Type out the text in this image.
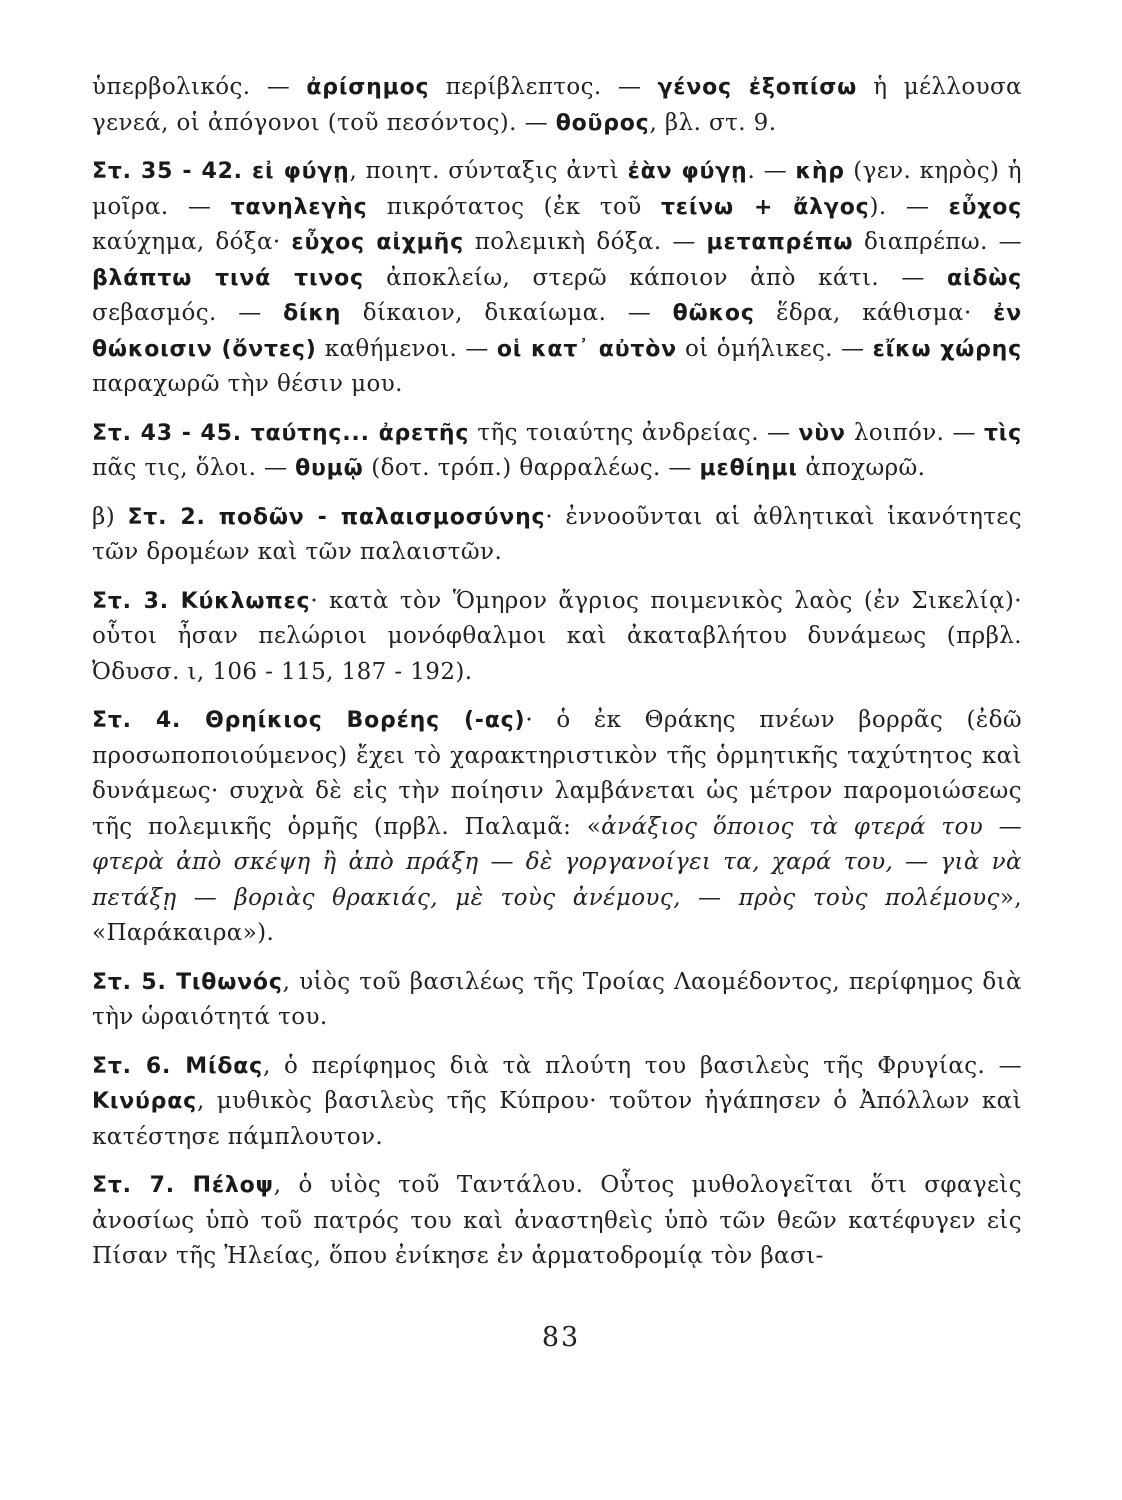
ὑπερβολικός. — ἀρίσημος περίβλεπτος. — γένος ἐξοπίσω ἡ μέλλουσα γενεά, οἱ ἀπόγονοι (τοῦ πεσόντος). — θοῦρος, βλ. στ. 9.

Στ. 35 - 42. εἰ φύγῃ, ποιητ. σύνταξις ἀντὶ ἐὰν φύγῃ. — κὴρ (γεν. κηρὸς) ἡ μοῖρα. — τανηλεγὴς πικρότατος (ἐκ τοῦ τείνω + ἄλγος). — εὖχος καύχημα, δόξα· εὖχος αἰχμῆς πολεμικὴ δόξα. — μεταπρέπω διαπρέπω. — βλάπτω τινά τινος ἀποκλείω, στερῶ κάποιον ἀπὸ κάτι. — αἰδὼς σεβασμός. — δίκη δίκαιον, δικαίωμα. — θῶκος ἕδρα, κάθισμα· ἐν θώκοισιν (ὄντες) καθήμενοι. — οἱ κατ᾽ αὐτὸν οἱ ὁμήλικες. — εἴκω χώρης παραχωρῶ τὴν θέσιν μου.

Στ. 43 - 45. ταύτης... ἀρετῆς τῆς τοιαύτης ἀνδρείας. — νὺν λοιπόν. — τὶς πᾶς τις, ὅλοι. — θυμῷ (δοτ. τρόπ.) θαρραλέως. — μεθίημι ἀποχωρῶ.

β) Στ. 2. ποδῶν - παλαισμοσύνης· ἐννοοῦνται αἱ ἀθλητικαὶ ἱκανότητες τῶν δρομέων καὶ τῶν παλαιστῶν.

Στ. 3. Κύκλωπες· κατὰ τὸν Ὅμηρον ἄγριος ποιμενικὸς λαὸς (ἐν Σικελίᾳ)· οὗτοι ἦσαν πελώριοι μονόφθαλμοι καὶ ἀκαταβλήτου δυνάμεως (πρβλ. Ὀδυσσ. ι, 106 - 115, 187 - 192).

Στ. 4. Θρηίκιος Βορέης (-ας)· ὁ ἐκ Θράκης πνέων βορρᾶς (ἐδῶ προσωποποιούμενος) ἔχει τὸ χαρακτηριστικὸν τῆς ὁρμητικῆς ταχύτητος καὶ δυνάμεως· συχνὰ δὲ εἰς τὴν ποίησιν λαμβάνεται ὡς μέτρον παρομοιώσεως τῆς πολεμικῆς ὁρμῆς (πρβλ. Παλαμᾶ: «ἀνάξιος ὅποιος τὰ φτερά του — φτερὰ ἀπὸ σκέψη ἢ ἀπὸ πράξη — δὲ γοργανοίγει τα, χαρά του, — γιὰ νὰ πετάξῃ — βοριὰς θρακιάς, μὲ τοὺς ἀνέμους, — πρὸς τοὺς πολέμους», «Παράκαιρα»).

Στ. 5. Τιθωνός, υἱὸς τοῦ βασιλέως τῆς Τροίας Λαομέδοντος, περίφημος διὰ τὴν ὡραιότητά του.

Στ. 6. Μίδας, ὁ περίφημος διὰ τὰ πλούτη του βασιλεὺς τῆς Φρυγίας. — Κινύρας, μυθικὸς βασιλεὺς τῆς Κύπρου· τοῦτον ἠγάπησεν ὁ Ἀπόλλων καὶ κατέστησε πάμπλουτον.

Στ. 7. Πέλοψ, ὁ υἱὸς τοῦ Ταντάλου. Οὗτος μυθολογεῖται ὅτι σφαγεὶς ἀνοσίως ὑπὸ τοῦ πατρός του καὶ ἀναστηθεὶς ὑπὸ τῶν θεῶν κατέφυγεν εἰς Πίσαν τῆς Ἠλείας, ὅπου ἐνίκησε ἐν ἁρματοδρομίᾳ τὸν βασι-

83
